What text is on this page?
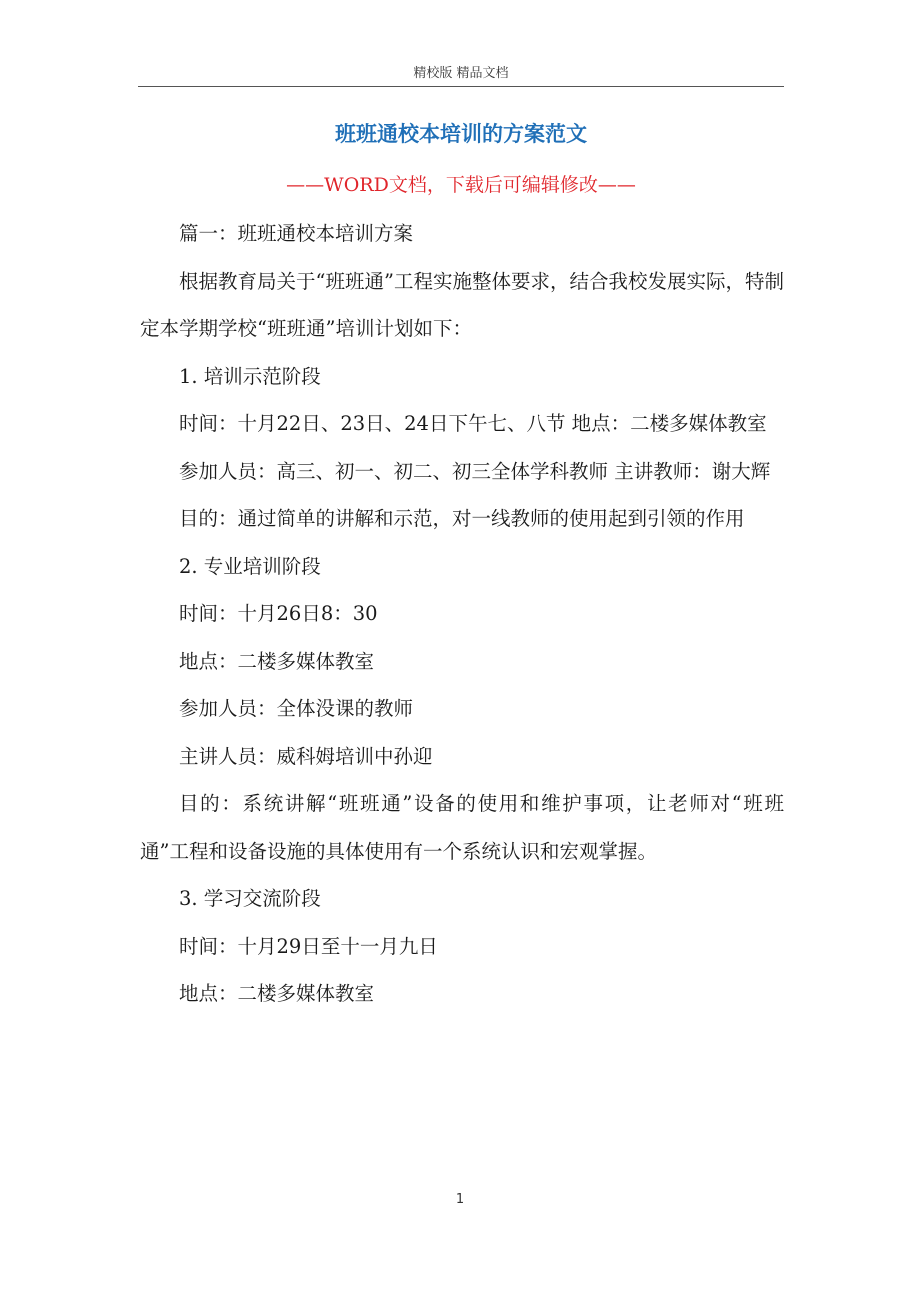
精校版 精品文档
班班通校本培训的方案范文
——WORD文档，下载后可编辑修改——

篇一：班班通校本培训方案

根据教育局关于“班班通”工程实施整体要求，结合我校发展实际，特制定本学期学校“班班通”培训计划如下：

1. 培训示范阶段

时间：十月22日、23日、24日下午七、八节 地点：二楼多媒体教室

参加人员：高三、初一、初二、初三全体学科教师 主讲教师：谢大辉

目的：通过简单的讲解和示范，对一线教师的使用起到引领的作用

2. 专业培训阶段

时间：十月26日8：30

地点：二楼多媒体教室

参加人员：全体没课的教师

主讲人员：威科姆培训中孙迎

目的：系统讲解“班班通”设备的使用和维护事项，让老师对“班班通”工程和设备设施的具体使用有一个系统认识和宏观掌握。

3. 学习交流阶段

时间：十月29日至十一月九日

地点：二楼多媒体教室

1
